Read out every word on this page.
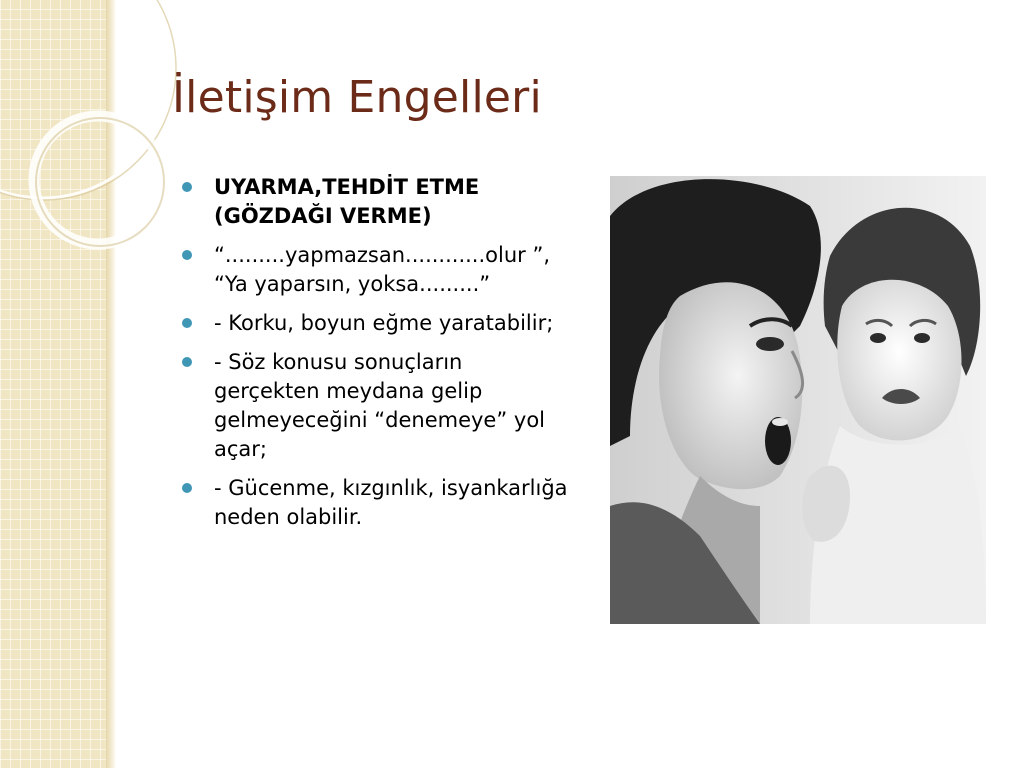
İletişim Engelleri
UYARMA,TEHDİT ETME (GÖZDAĞI VERME)
“.........yapmazsan............olur ”, “Ya yaparsın, yoksa.........”
- Korku, boyun eğme yaratabilir;
- Söz konusu sonuçların gerçekten meydana gelip gelmeyeceğini “denemeye” yol açar;
- Gücenme, kızgınlık, isyankarlığa neden olabilir.
